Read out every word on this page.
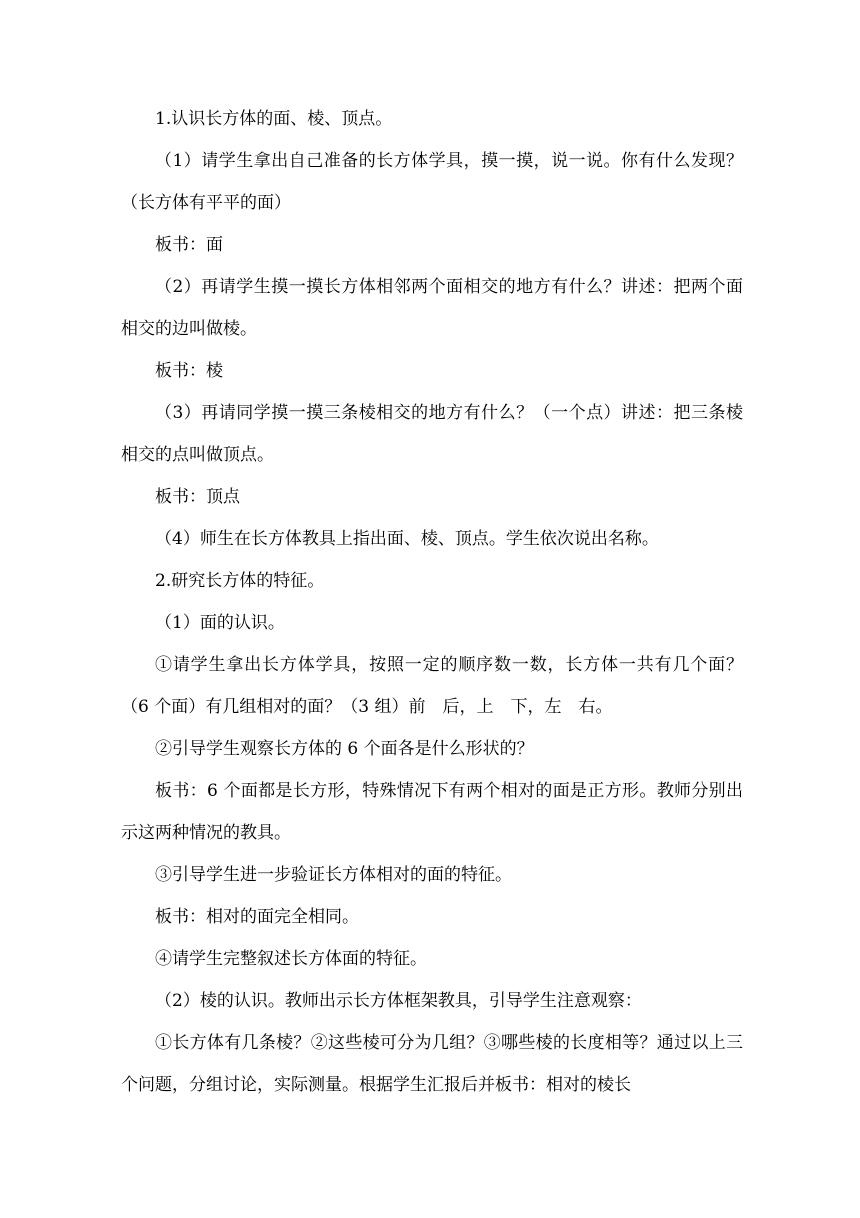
1.认识长方体的面、棱、顶点。

（1）请学生拿出自己准备的长方体学具，摸一摸，说一说。你有什么发现？（长方体有平平的面）

板书：面

（2）再请学生摸一摸长方体相邻两个面相交的地方有什么？讲述：把两个面相交的边叫做棱。

板书：棱

（3）再请同学摸一摸三条棱相交的地方有什么？（一个点）讲述：把三条棱相交的点叫做顶点。

板书：顶点

（4）师生在长方体教具上指出面、棱、顶点。学生依次说出名称。

2.研究长方体的特征。

（1）面的认识。

①请学生拿出长方体学具，按照一定的顺序数一数，长方体一共有几个面？（6 个面）有几组相对的面？（3 组）前　后，上　下，左　右。

②引导学生观察长方体的 6 个面各是什么形状的？

板书：6 个面都是长方形，特殊情况下有两个相对的面是正方形。教师分别出示这两种情况的教具。

③引导学生进一步验证长方体相对的面的特征。

板书：相对的面完全相同。

④请学生完整叙述长方体面的特征。

（2）棱的认识。教师出示长方体框架教具，引导学生注意观察：

①长方体有几条棱？②这些棱可分为几组？③哪些棱的长度相等？通过以上三个问题，分组讨论，实际测量。根据学生汇报后并板书：相对的棱长
